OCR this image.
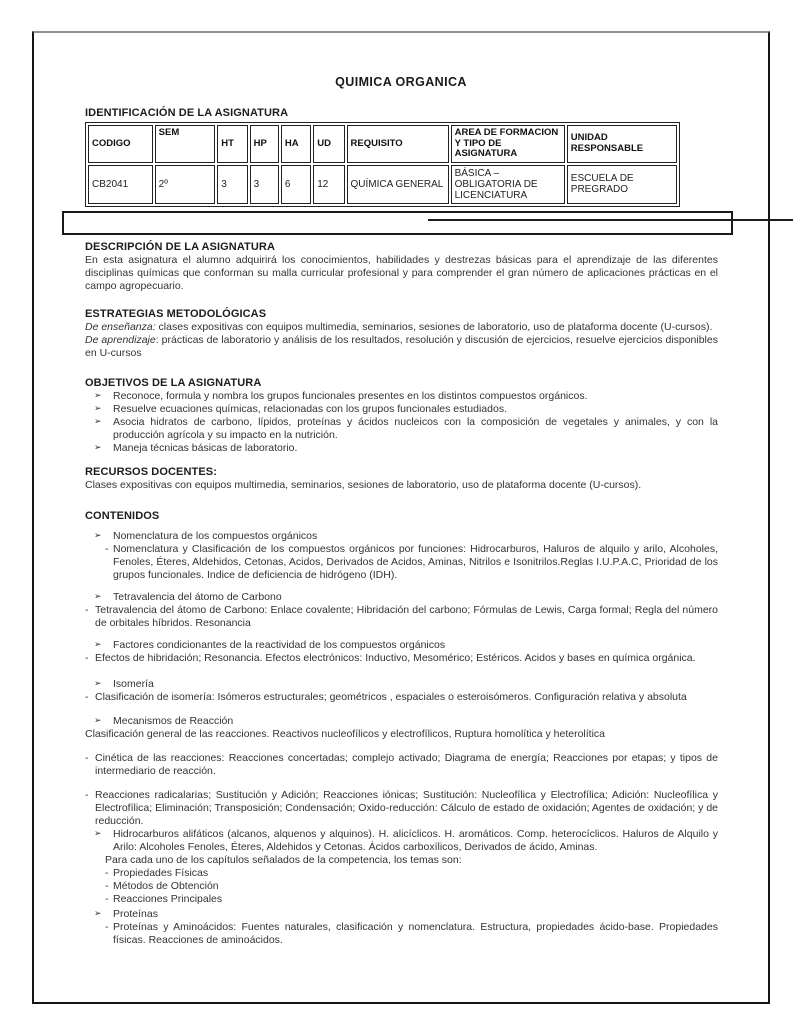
QUIMICA ORGANICA
IDENTIFICACIÓN DE LA ASIGNATURA
CODIGO	SEM	HT	HP	HA	UD	REQUISITO	AREA DE FORMACION Y TIPO DE ASIGNATURA	UNIDAD RESPONSABLE
CB2041	2º	3	3	6	12	QUÍMICA GENERAL	BÁSICA – OBLIGATORIA DE LICENCIATURA	ESCUELA DE PREGRADO
DESCRIPCIÓN DE LA ASIGNATURA
En esta asignatura el alumno adquirirá los conocimientos, habilidades y destrezas básicas para el aprendizaje de las diferentes disciplinas químicas que conforman su malla curricular profesional y para comprender el gran número de aplicaciones prácticas en el campo agropecuario.
ESTRATEGIAS METODOLÓGICAS
De enseñanza: clases expositivas con equipos multimedia, seminarios, sesiones de laboratorio, uso de plataforma docente (U-cursos).
De aprendizaje: prácticas de laboratorio y análisis de los resultados, resolución y discusión de ejercicios, resuelve ejercicios disponibles en U-cursos
OBJETIVOS DE LA ASIGNATURA
➢	Reconoce, formula y nombra los grupos funcionales presentes en los distintos compuestos orgánicos.
➢	Resuelve ecuaciones químicas, relacionadas con los grupos funcionales estudiados.
➢	Asocia hidratos de carbono, lípidos, proteínas y ácidos nucleicos con la composición de vegetales y animales, y con la producción agrícola y su impacto en la nutrición.
➢	Maneja técnicas básicas de laboratorio.
RECURSOS DOCENTES:
Clases expositivas con equipos multimedia, seminarios, sesiones de laboratorio, uso de plataforma docente (U-cursos).
CONTENIDOS
➢	Nomenclatura de los compuestos orgánicos
- Nomenclatura y Clasificación de los compuestos orgánicos por funciones: Hidrocarburos, Haluros de alquilo y arilo, Alcoholes, Fenoles, Éteres, Aldehidos, Cetonas, Acidos, Derivados de Acidos, Aminas, Nitrilos e Isonitrilos.Reglas I.U.P.A.C, Prioridad de los grupos funcionales. Indice de deficiencia de hidrógeno (IDH).
➢	Tetravalencia del átomo de Carbono
- Tetravalencia del átomo de Carbono: Enlace covalente; Hibridación del carbono; Fórmulas de Lewis, Carga formal; Regla del número de orbitales híbridos. Resonancia
➢	Factores condicionantes de la reactividad de los compuestos orgánicos
- Efectos de hibridación; Resonancia. Efectos electrónicos: Inductivo, Mesomérico; Estéricos. Acidos y bases en química orgánica.
➢	Isomería
- Clasificación de isomería: Isómeros estructurales; geométricos , espaciales o esteroisómeros. Configuración relativa y absoluta
➢	Mecanismos de Reacción
Clasificación general de las reacciones. Reactivos nucleofílicos y electrofílicos, Ruptura homolítica y heterolítica
- Cinética de las reacciones: Reacciones concertadas; complejo activado; Diagrama de energía; Reacciones por etapas; y tipos de intermediario de reacción.
- Reacciones radicalarias; Sustitución y Adición; Reacciones iónicas; Sustitución: Nucleofílica y Electrofílica; Adición: Nucleofílica y Electrofílica; Eliminación; Transposición; Condensación; Oxido-reducción: Cálculo de estado de oxidación; Agentes de oxidación; y de reducción.
➢	Hidrocarburos alifáticos (alcanos, alquenos y alquinos). H. alicíclicos. H. aromáticos. Comp. heterocíclicos. Haluros de Alquilo y Arilo: Alcoholes Fenoles, Éteres, Aldehidos y Cetonas. Ácidos carboxílicos, Derivados de ácido, Aminas.
Para cada uno de los capítulos señalados de la competencia, los temas son:
- Propiedades Físicas
- Métodos de Obtención
- Reacciones Principales
➢	Proteínas
- Proteínas y Aminoácidos: Fuentes naturales, clasificación y nomenclatura. Estructura, propiedades ácido-base. Propiedades físicas. Reacciones de aminoácidos.
